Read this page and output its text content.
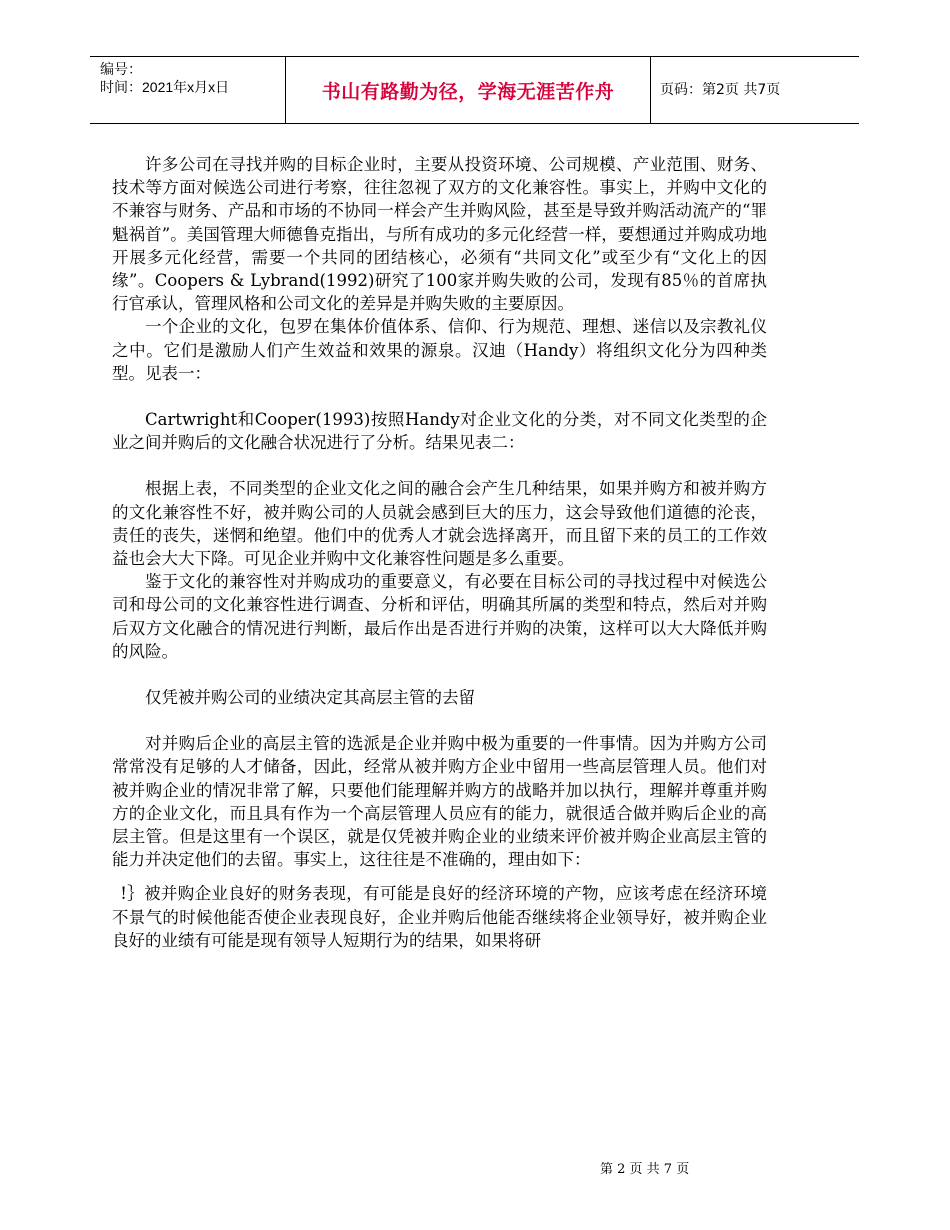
编号：
时间：2021年x月x日	书山有路勤为径，学海无涯苦作舟	页码：第2页 共7页

许多公司在寻找并购的目标企业时，主要从投资环境、公司规模、产业范围、财务、技术等方面对候选公司进行考察，往往忽视了双方的文化兼容性。事实上，并购中文化的不兼容与财务、产品和市场的不协同一样会产生并购风险，甚至是导致并购活动流产的“罪魁祸首”。美国管理大师德鲁克指出，与所有成功的多元化经营一样，要想通过并购成功地开展多元化经营，需要一个共同的团结核心，必须有“共同文化”或至少有“文化上的因缘”。Coopers & Lybrand(1992)研究了100家并购失败的公司，发现有85％的首席执行官承认，管理风格和公司文化的差异是并购失败的主要原因。

一个企业的文化，包罗在集体价值体系、信仰、行为规范、理想、迷信以及宗教礼仪之中。它们是激励人们产生效益和效果的源泉。汉迪（Handy）将组织文化分为四种类型。见表一：

Cartwright和Cooper(1993)按照Handy对企业文化的分类，对不同文化类型的企业之间并购后的文化融合状况进行了分析。结果见表二：

根据上表，不同类型的企业文化之间的融合会产生几种结果，如果并购方和被并购方的文化兼容性不好，被并购公司的人员就会感到巨大的压力，这会导致他们道德的沦丧，责任的丧失，迷惘和绝望。他们中的优秀人才就会选择离开，而且留下来的员工的工作效益也会大大下降。可见企业并购中文化兼容性问题是多么重要。

鉴于文化的兼容性对并购成功的重要意义，有必要在目标公司的寻找过程中对候选公司和母公司的文化兼容性进行调查、分析和评估，明确其所属的类型和特点，然后对并购后双方文化融合的情况进行判断，最后作出是否进行并购的决策，这样可以大大降低并购的风险。

仅凭被并购公司的业绩决定其高层主管的去留

对并购后企业的高层主管的选派是企业并购中极为重要的一件事情。因为并购方公司常常没有足够的人才储备，因此，经常从被并购方企业中留用一些高层管理人员。他们对被并购企业的情况非常了解，只要他们能理解并购方的战略并加以执行，理解并尊重并购方的企业文化，而且具有作为一个高层管理人员应有的能力，就很适合做并购后企业的高层主管。但是这里有一个误区，就是仅凭被并购企业的业绩来评价被并购企业高层主管的能力并决定他们的去留。事实上，这往往是不准确的，理由如下：

!｝被并购企业良好的财务表现，有可能是良好的经济环境的产物，应该考虑在经济环境不景气的时候他能否使企业表现良好，企业并购后他能否继续将企业领导好，被并购企业良好的业绩有可能是现有领导人短期行为的结果，如果将研

第 2 页 共 7 页
